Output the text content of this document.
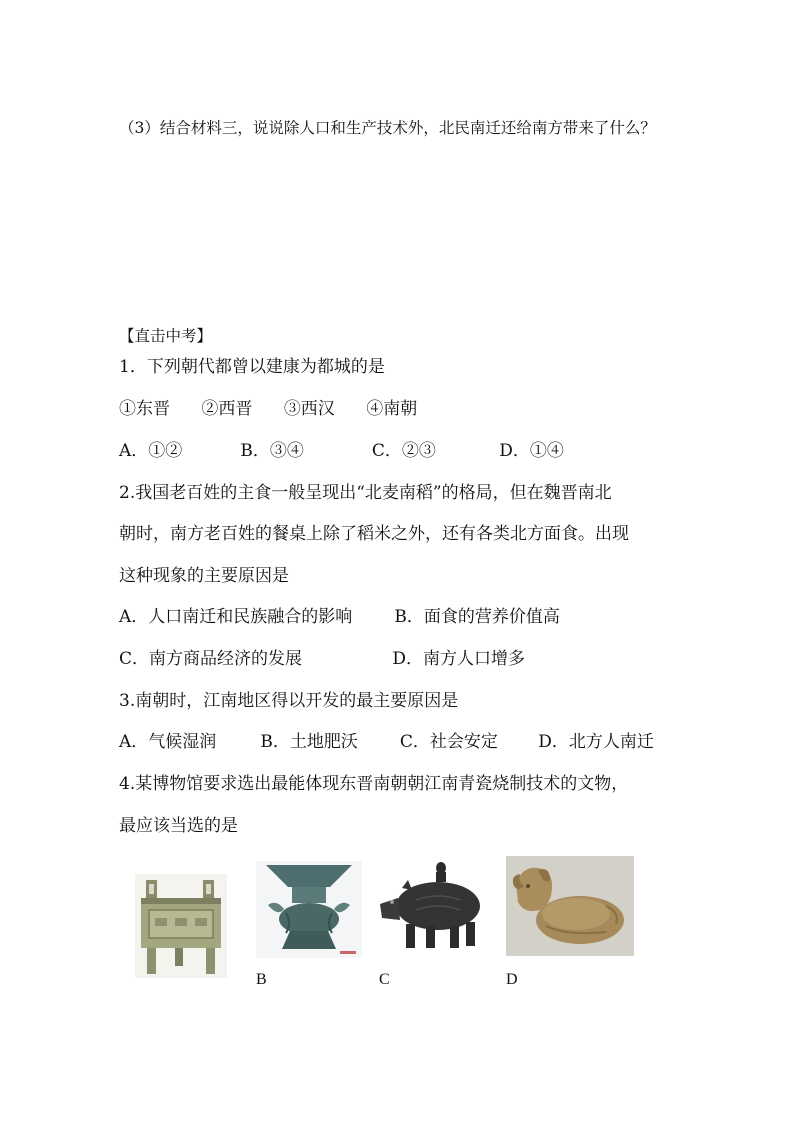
（3）结合材料三，说说除人口和生产技术外，北民南迁还给南方带来了什么？
【直击中考】
1．下列朝代都曾以建康为都城的是
①东晋 ②西晋 ③西汉 ④南朝
A．①②	B．③④	C．②③	D．①④
2.我国老百姓的主食一般呈现出“北麦南稻”的格局，但在魏晋南北
朝时，南方老百姓的餐桌上除了稻米之外，还有各类北方面食。出现
这种现象的主要原因是
A．人口南迁和民族融合的影响 B．面食的营养价值高
C．南方商品经济的发展	D．南方人口增多
3.南朝时，江南地区得以开发的最主要原因是
A．气候湿润	B．土地肥沃 C．社会安定 D．北方人南迁
4.某博物馆要求选出最能体现东晋南朝朝江南青瓷烧制技术的文物，
最应该当选的是
B	C	D
